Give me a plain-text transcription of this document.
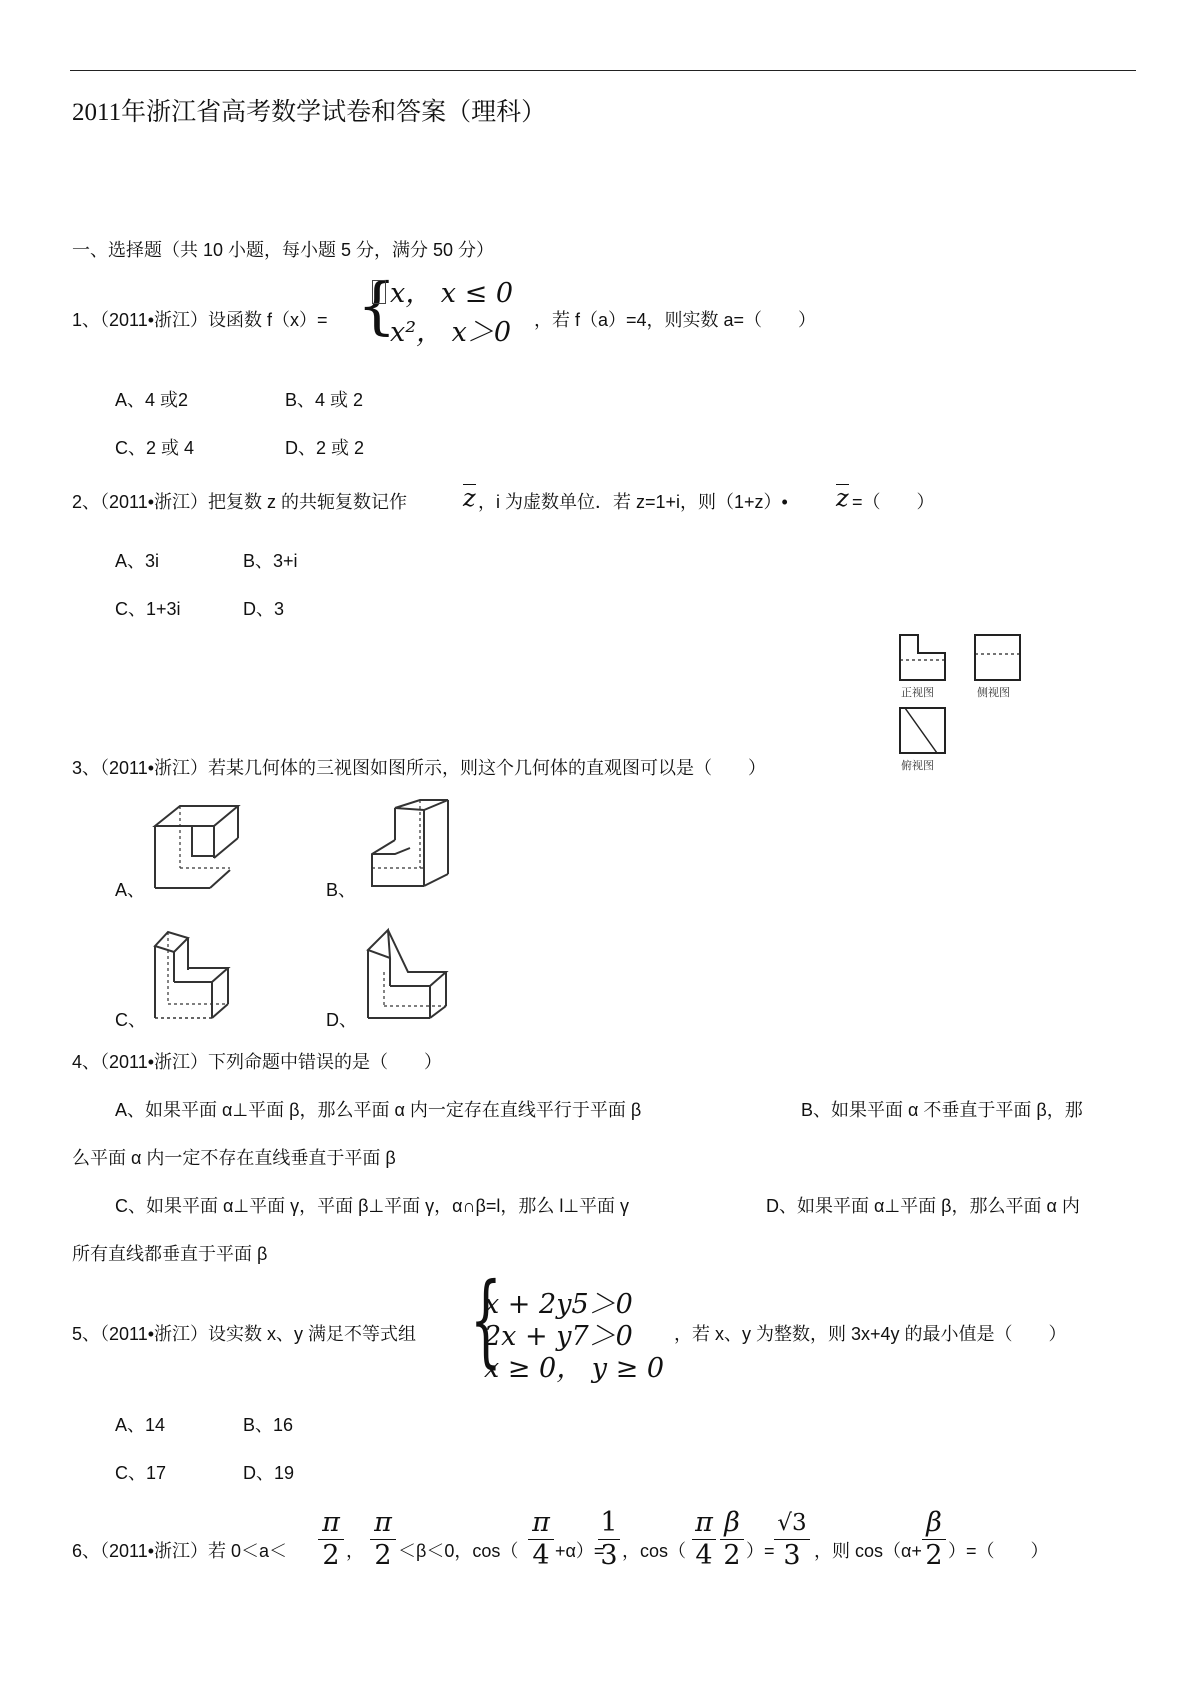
2011年浙江省高考数学试卷和答案（理科）
一、选择题（共 10 小题，每小题 5 分，满分 50 分）
1、（2011•浙江）设函数 f（x）= {
x， x ≤ 0
x²， x＞0 ，若 f（a）=4，则实数 a=（　　）
A、4 或2	B、4 或 2
C、2 或 4	D、2 或 2
2、（2011•浙江）把复数 z 的共轭复数记作 z ，i 为虚数单位．若 z=1+i，则（1+z）• z =（　　）
A、3i	B、3+i
C、1+3i	D、3
正视图	侧视图
俯视图
3、（2011•浙江）若某几何体的三视图如图所示，则这个几何体的直观图可以是（　　）
A、	B、
C、	D、
4、（2011•浙江）下列命题中错误的是（　　）
A、如果平面 α⊥平面 β，那么平面 α 内一定存在直线平行于平面 β	B、如果平面 α 不垂直于平面 β，那
么平面 α 内一定不存在直线垂直于平面 β
C、如果平面 α⊥平面 γ，平面 β⊥平面 γ，α∩β=l，那么 l⊥平面 γ	D、如果平面 α⊥平面 β，那么平面 α 内
所有直线都垂直于平面 β
5、（2011•浙江）设实数 x、y 满足不等式组 {
x + 2y5＞0
2x + y7＞0
x ≥ 0， y ≥ 0
，若 x、y 为整数，则 3x+4y 的最小值是（　　）
A、14	B、16
C、17	D、19
6、（2011•浙江）若 0＜a＜
π
2 ，
π
2 ＜β＜0，cos（
π
4 +α）=
1
3 ，cos（
π
4
β
2 ）=
√3
3 ，则 cos（α+
β
2 ）=（　　）
